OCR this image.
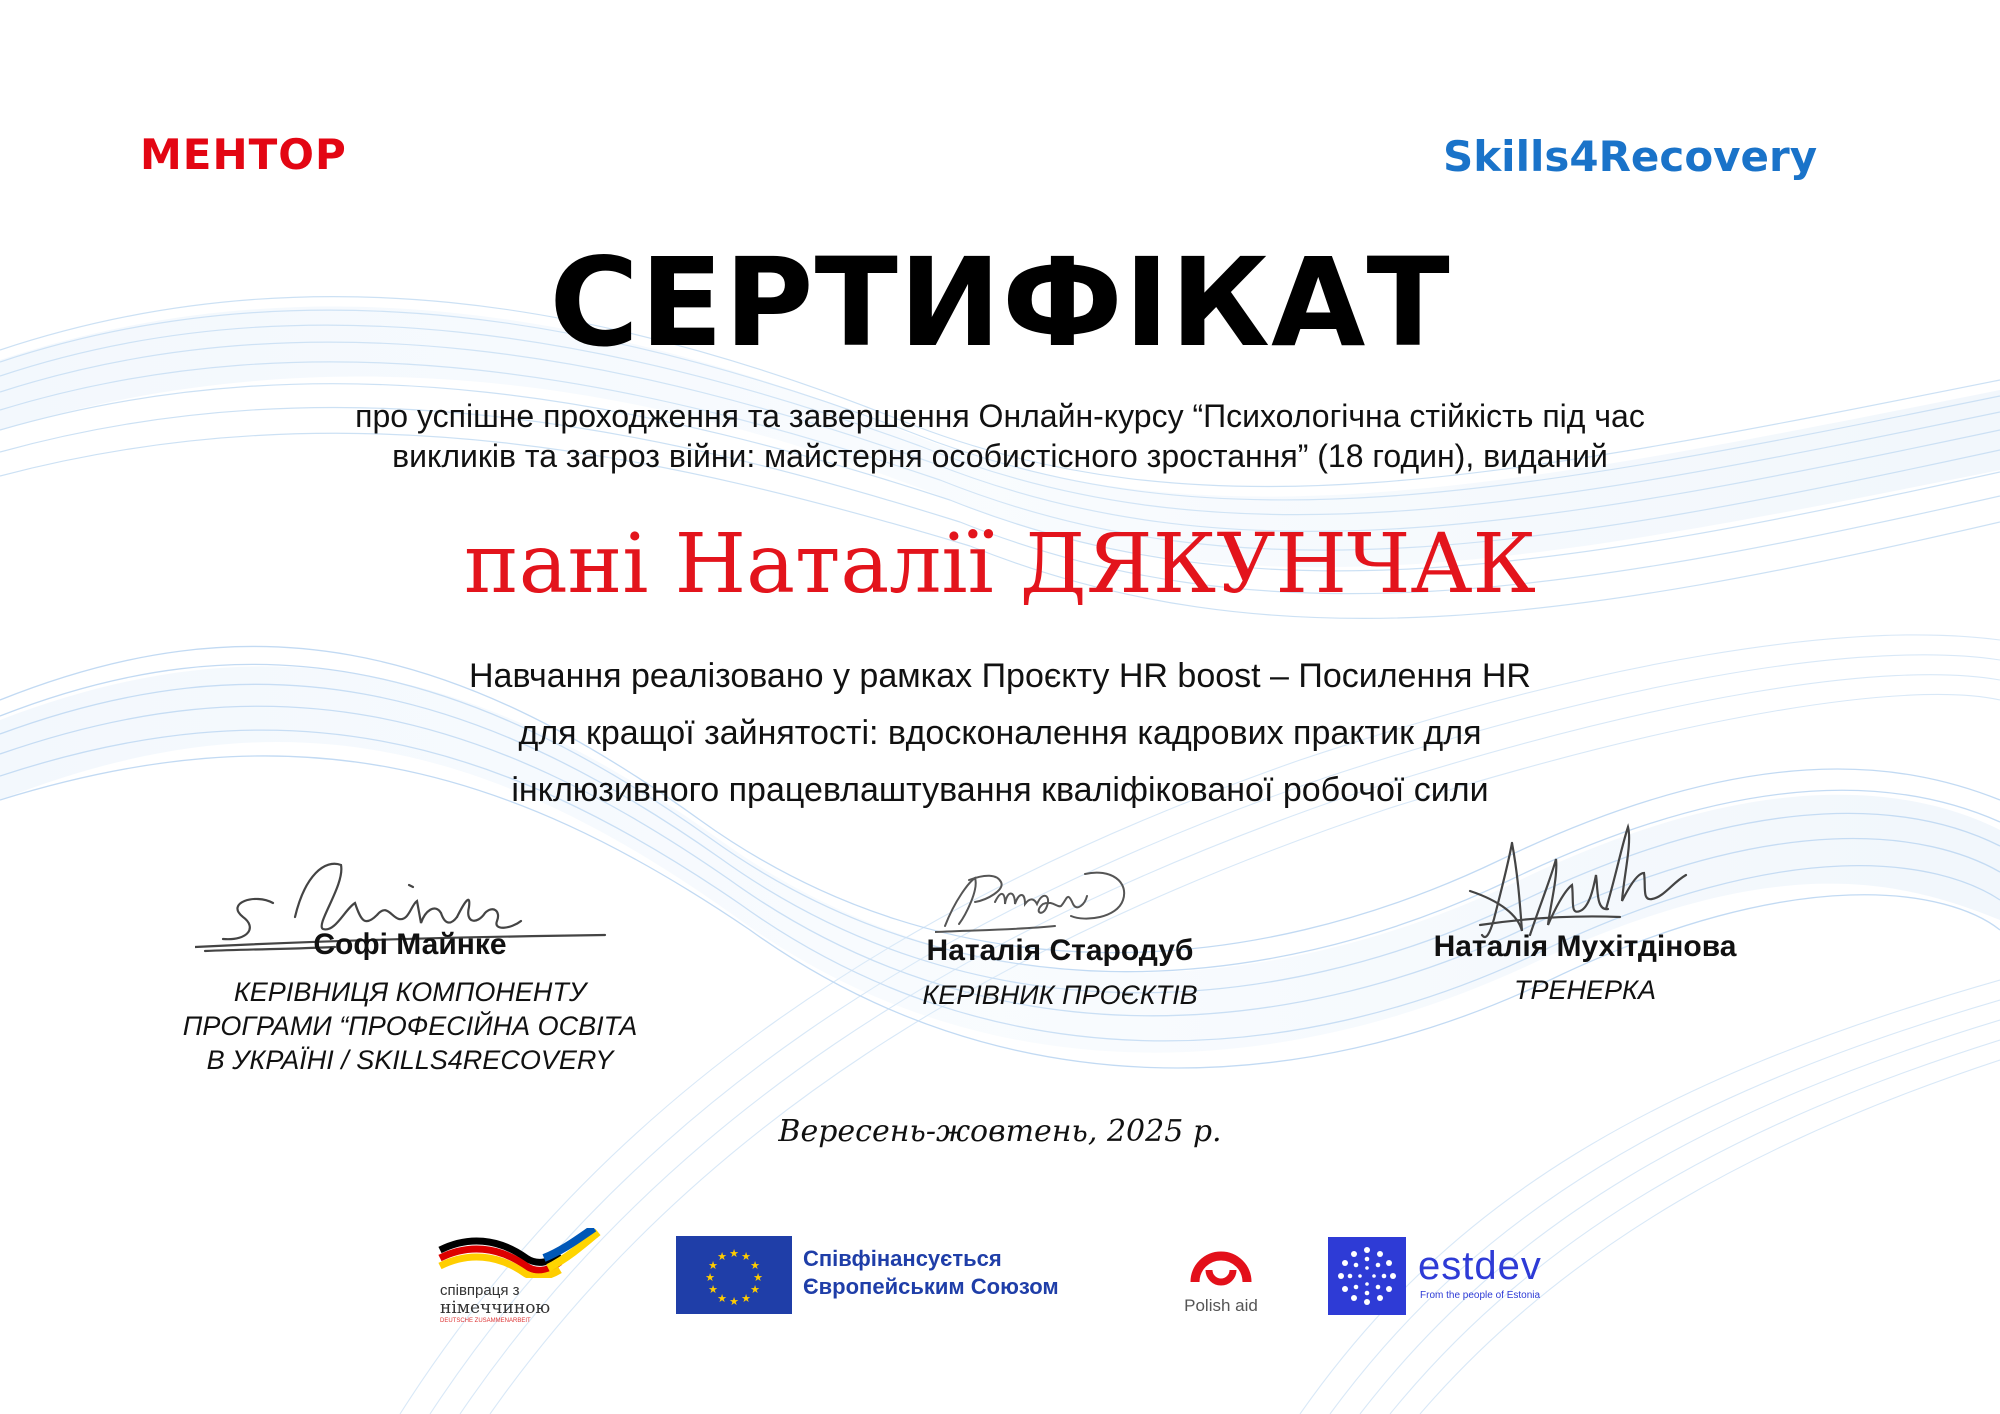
МЕНТОР	Skills4Recovery
СЕРТИФІКАТ
про успішне проходження та завершення Онлайн-курсу “Психологічна стійкість під час
викликів та загроз війни: майстерня особистісного зростання” (18 годин), виданий
пані Наталії ДЯКУНЧАК
Навчання реалізовано у рамках Проєкту HR boost – Посилення HR
для кращої зайнятості: вдосконалення кадрових практик для
інклюзивного працевлаштування кваліфікованої робочої сили
Софі Майнке
КЕРІВНИЦЯ КОМПОНЕНТУ
ПРОГРАМИ “ПРОФЕСІЙНА ОСВІТА
В УКРАЇНІ / SKILLS4RECOVERY
Наталія Стародуб
КЕРІВНИК ПРОЄКТІВ
Наталія Мухітдінова
ТРЕНЕРКА
Вересень-жовтень, 2025 р.
співпраця з
німеччиною
DEUTSCHE ZUSAMMENARBEIT
★ ★
★
★
★
★
★
★
★
★
★
★	Співфінансується
Європейським Союзом
Polish aid
estdev
From the people of Estonia
